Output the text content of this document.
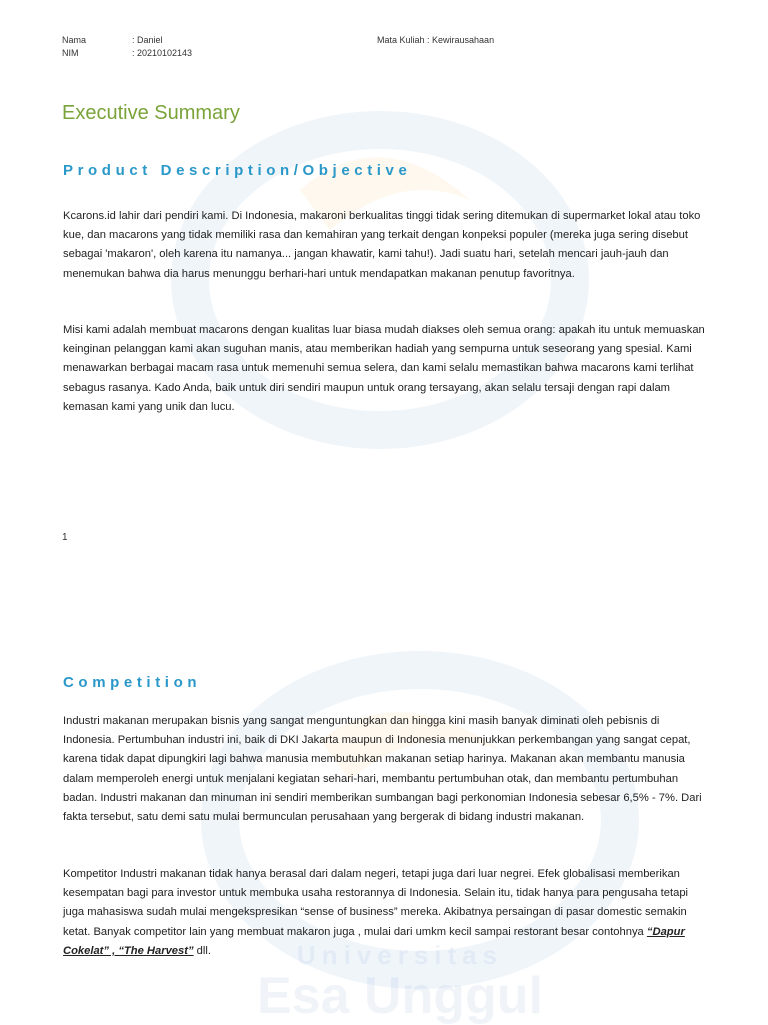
Nama	: Daniel
NIM	: 20210102143
Mata Kuliah : Kewirausahaan
Executive Summary
Product Description/Objective
Kcarons.id lahir dari pendiri kami. Di Indonesia, makaroni berkualitas tinggi tidak sering ditemukan di supermarket lokal atau toko kue, dan macarons yang tidak memiliki rasa dan kemahiran yang terkait dengan konpeksi populer (mereka juga sering disebut sebagai 'makaron', oleh karena itu namanya... jangan khawatir, kami tahu!). Jadi suatu hari, setelah mencari jauh-jauh dan menemukan bahwa dia harus menunggu berhari-hari untuk mendapatkan makanan penutup favoritnya.
Misi kami adalah membuat macarons dengan kualitas luar biasa mudah diakses oleh semua orang: apakah itu untuk memuaskan keinginan pelanggan kami akan suguhan manis, atau memberikan hadiah yang sempurna untuk seseorang yang spesial. Kami menawarkan berbagai macam rasa untuk memenuhi semua selera, dan kami selalu memastikan bahwa macarons kami terlihat sebagus rasanya. Kado Anda, baik untuk diri sendiri maupun untuk orang tersayang, akan selalu tersaji dengan rapi dalam kemasan kami yang unik dan lucu.
1
Competition
Industri makanan merupakan bisnis yang sangat menguntungkan dan hingga kini masih banyak diminati oleh pebisnis di Indonesia. Pertumbuhan industri ini, baik di DKI Jakarta maupun di Indonesia menunjukkan perkembangan yang sangat cepat, karena tidak dapat dipungkiri lagi bahwa manusia membutuhkan makanan setiap harinya. Makanan akan membantu manusia dalam memperoleh energi untuk menjalani kegiatan sehari-hari, membantu pertumbuhan otak, dan membantu pertumbuhan badan. Industri makanan dan minuman ini sendiri memberikan sumbangan bagi perkonomian Indonesia sebesar 6,5% - 7%. Dari fakta tersebut, satu demi satu mulai bermunculan perusahaan yang bergerak di bidang industri makanan.
Kompetitor Industri makanan tidak hanya berasal dari dalam negeri, tetapi juga dari luar negrei. Efek globalisasi memberikan kesempatan bagi para investor untuk membuka usaha restorannya di Indonesia. Selain itu, tidak hanya para pengusaha tetapi juga mahasiswa sudah mulai mengekspresikan “sense of business” mereka. Akibatnya persaingan di pasar domestic semakin ketat. Banyak competitor lain yang membuat makaron juga , mulai dari umkm kecil sampai restorant besar contohnya “Dapur Cokelat” , “The Harvest” dll.	Universitas
Esa Unggul
